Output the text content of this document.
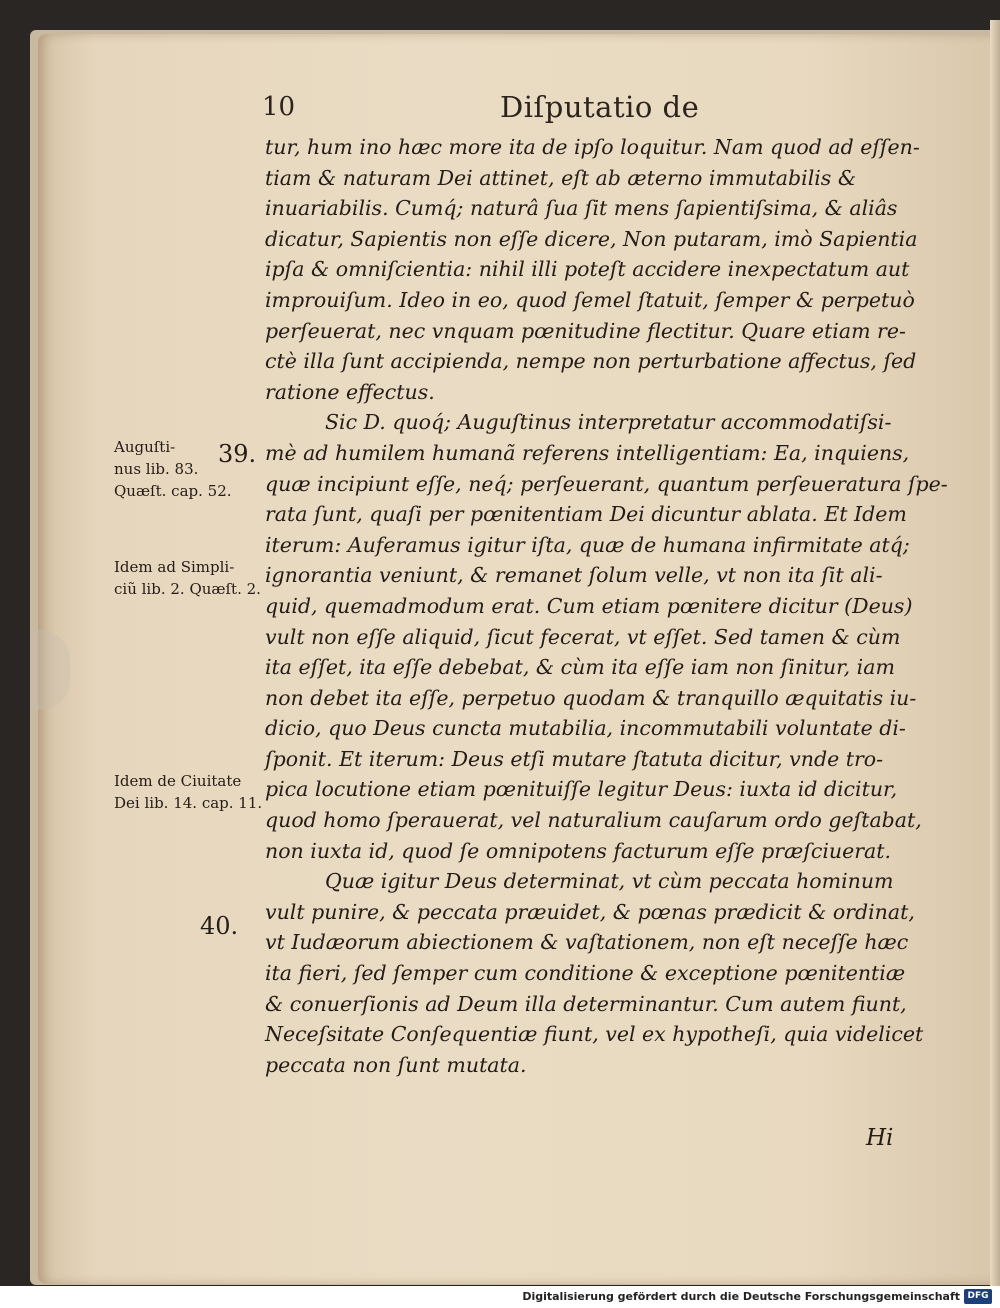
10	Diſputatio de
tur, hum ino hæc more ita de ipſo loquitur. Nam quod ad eſſen-
tiam & naturam Dei attinet, eſt ab æterno immutabilis &
inuariabilis. Cumq́; naturâ ſua ſit mens ſapientiſsima, & aliâs
dicatur, Sapientis non eſſe dicere, Non putaram, imò Sapientia
ipſa & omniſcientia: nihil illi poteſt accidere inexpectatum aut
improuiſum. Ideo in eo, quod ſemel ſtatuit, ſemper & perpetuò
perſeuerat, nec vnquam pœnitudine flectitur. Quare etiam re-
ctè illa ſunt accipienda, nempe non perturbatione affectus, ſed
ratione effectus.
Sic D. quoq́; Auguſtinus interpretatur accommodatiſsi-
mè ad humilem humanã referens intelligentiam: Ea, inquiens,
quæ incipiunt eſſe, neq́; perſeuerant, quantum perſeueratura ſpe-
rata ſunt, quaſi per pœnitentiam Dei dicuntur ablata. Et Idem
iterum: Auferamus igitur iſta, quæ de humana infirmitate atq́;
ignorantia veniunt, & remanet ſolum velle, vt non ita ſit ali-
quid, quemadmodum erat. Cum etiam pœnitere dicitur (Deus)
vult non eſſe aliquid, ſicut fecerat, vt eſſet. Sed tamen & cùm
ita eſſet, ita eſſe debebat, & cùm ita eſſe iam non ſinitur, iam
non debet ita eſſe, perpetuo quodam & tranquillo æquitatis iu-
dicio, quo Deus cuncta mutabilia, incommutabili voluntate di-
ſponit. Et iterum: Deus etſi mutare ſtatuta dicitur, vnde tro-
pica locutione etiam pœnituiſſe legitur Deus: iuxta id dicitur,
quod homo ſperauerat, vel naturalium cauſarum ordo geſtabat,
non iuxta id, quod ſe omnipotens facturum eſſe præſciuerat.
Quæ igitur Deus determinat, vt cùm peccata hominum
vult punire, & peccata præuidet, & pœnas prædicit & ordinat,
vt Iudæorum abiectionem & vaſtationem, non eſt neceſſe hæc
ita fieri, ſed ſemper cum conditione & exceptione pœnitentiæ
& conuerſionis ad Deum illa determinantur. Cum autem fiunt,
Neceſsitate Conſequentiæ fiunt, vel ex hypotheſi, quia videlicet
peccata non ſunt mutata.
Auguſti-
nus lib. 83.
Quæſt. cap. 52.
39.
Idem ad Simpli-
ciũ lib. 2. Quæſt. 2.
Idem de Ciuitate
Dei lib. 14. cap. 11.
40.
Hi
Digitalisierung gefördert durch die Deutsche Forschungsgemeinschaft DFG
